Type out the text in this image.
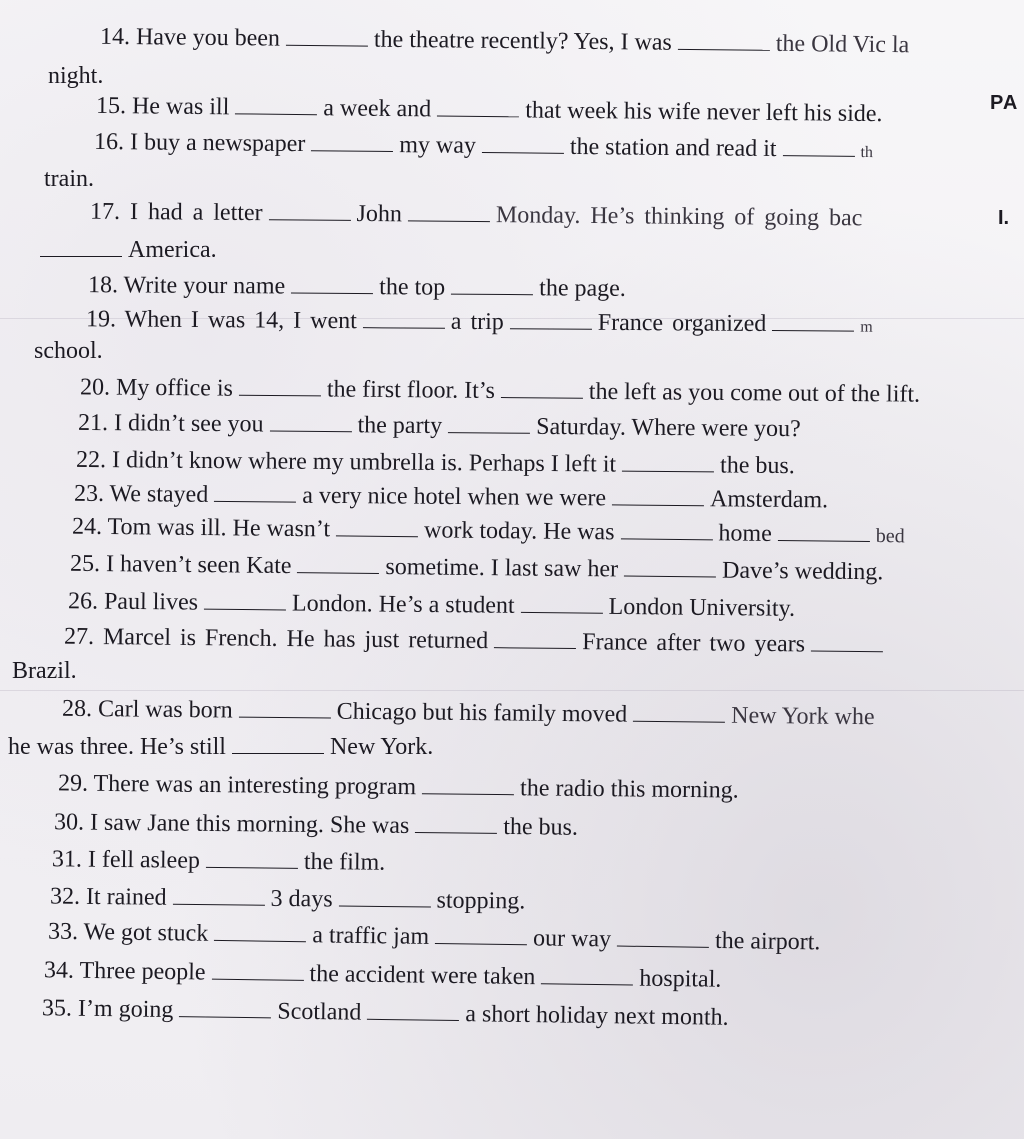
PA
I.
14. Have you been	the theatre recently? Yes, I was	the Old Vic la
night.
15. He was ill	a week and	that week his wife never left his side.
16. I buy a newspaper	my way	the station and read it	th
train.
17. I had a letter	John	Monday. He’s thinking of going bac
America.
18. Write your name	the top	the page.
19. When I was 14, I went	a trip	France organized	m
school.
20. My office is	the first floor. It’s	the left as you come out of the lift.
21. I didn’t see you	the party	Saturday. Where were you?
22. I didn’t know where my umbrella is. Perhaps I left it	the bus.
23. We stayed	a very nice hotel when we were	Amsterdam.
24. Tom was ill. He wasn’t	work today. He was	home	bed
25. I haven’t seen Kate	sometime. I last saw her	Dave’s wedding.
26. Paul lives	London. He’s a student	London University.
27. Marcel is French. He has just returned	France after two years
Brazil.
28. Carl was born	Chicago but his family moved	New York whe
he was three. He’s still	New York.
29. There was an interesting program	the radio this morning.
30. I saw Jane this morning. She was	the bus.
31. I fell asleep	the film.
32. It rained	3 days	stopping.
33. We got stuck	a traffic jam	our way	the airport.
34. Three people	the accident were taken	hospital.
35. I’m going	Scotland	a short holiday next month.
